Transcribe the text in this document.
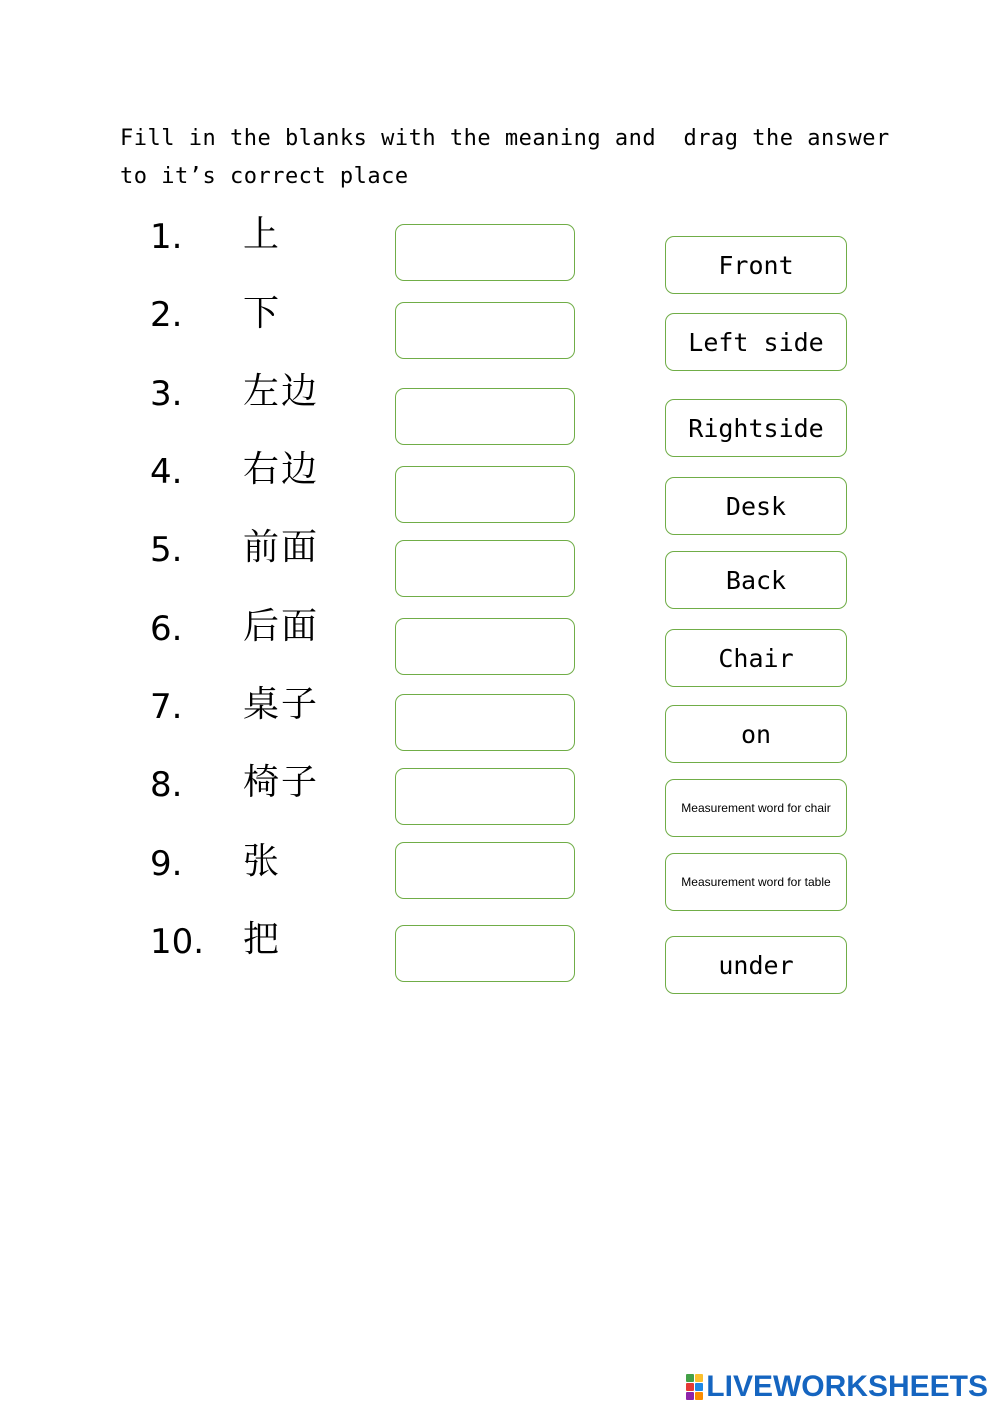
Fill in the blanks with the meaning and  drag the answer
to it’s correct place
1. 上
2. 下
3. 左边
4. 右边
5. 前面
6. 后面
7. 桌子
8. 椅子
9. 张
10. 把
Front
Left side
Rightside
Desk
Back
Chair
on
Measurement word for chair
Measurement word for table
under
LIVEWORKSHEETS
